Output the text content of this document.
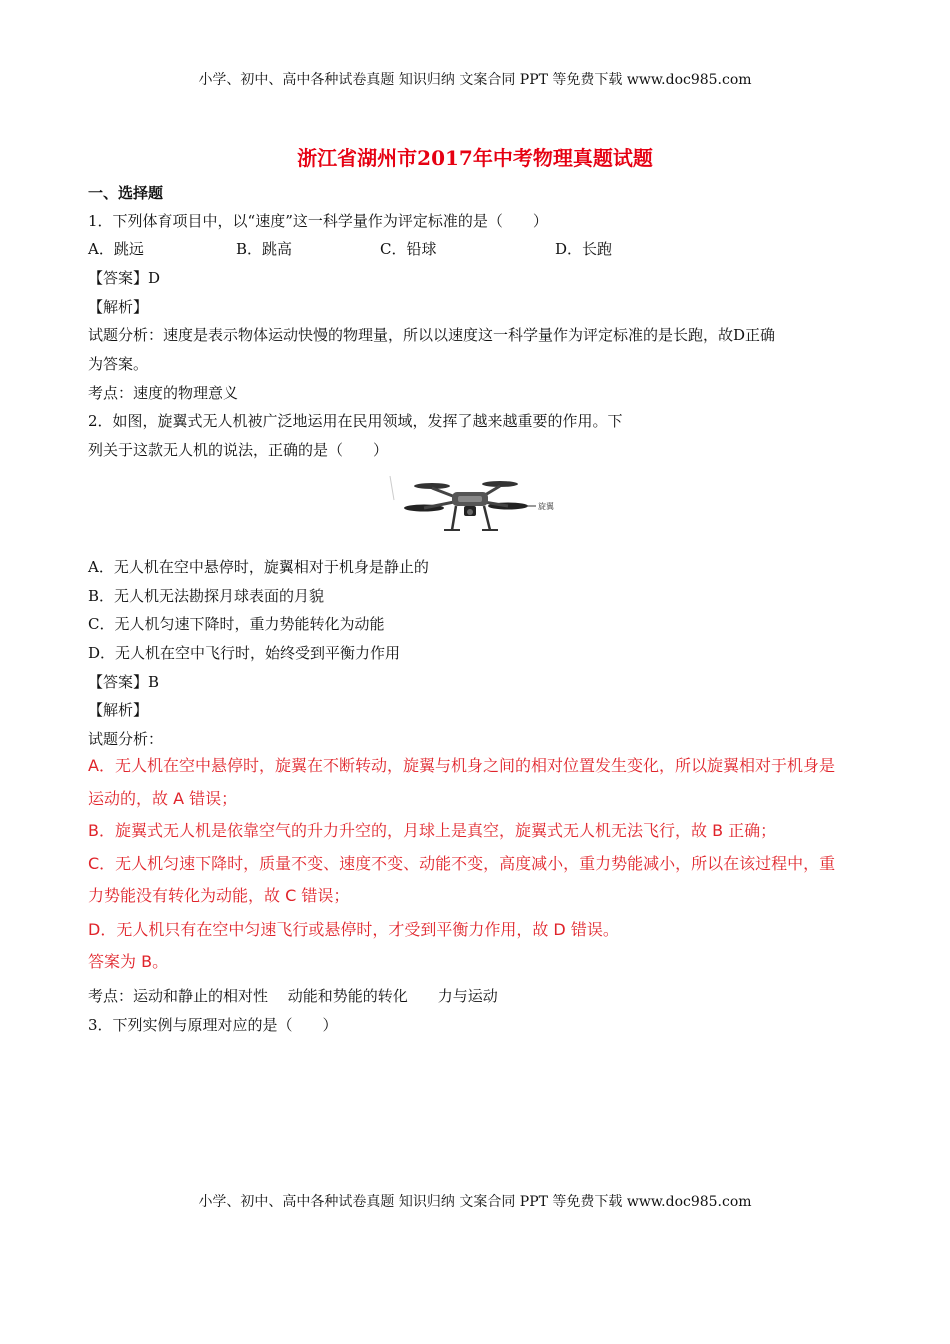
小学、初中、高中各种试卷真题 知识归纳 文案合同 PPT 等免费下载 www.doc985.com
浙江省湖州市2017年中考物理真题试题
一、选择题
1．下列体育项目中，以“速度”这一科学量作为评定标准的是（　　）
A．跳远	B．跳高	C．铅球	D．长跑
【答案】D
【解析】
试题分析：速度是表示物体运动快慢的物理量，所以以速度这一科学量作为评定标准的是长跑，故D正确
为答案。
考点：速度的物理意义
2．如图，旋翼式无人机被广泛地运用在民用领域，发挥了越来越重要的作用。下
列关于这款无人机的说法，正确的是（　　）
旋翼
A．无人机在空中悬停时，旋翼相对于机身是静止的
B．无人机无法勘探月球表面的月貌
C．无人机匀速下降时，重力势能转化为动能
D．无人机在空中飞行时，始终受到平衡力作用
【答案】B
【解析】
试题分析：
A．无人机在空中悬停时，旋翼在不断转动，旋翼与机身之间的相对位置发生变化，所以旋翼相对于机身是
运动的，故 A 错误；
B．旋翼式无人机是依靠空气的升力升空的，月球上是真空，旋翼式无人机无法飞行，故 B 正确；
C．无人机匀速下降时，质量不变、速度不变、动能不变，高度减小，重力势能减小，所以在该过程中，重
力势能没有转化为动能，故 C 错误；
D．无人机只有在空中匀速飞行或悬停时，才受到平衡力作用，故 D 错误。
答案为 B。
考点：运动和静止的相对性　 动能和势能的转化　　力与运动
3．下列实例与原理对应的是（　　）
小学、初中、高中各种试卷真题 知识归纳 文案合同 PPT 等免费下载 www.doc985.com
